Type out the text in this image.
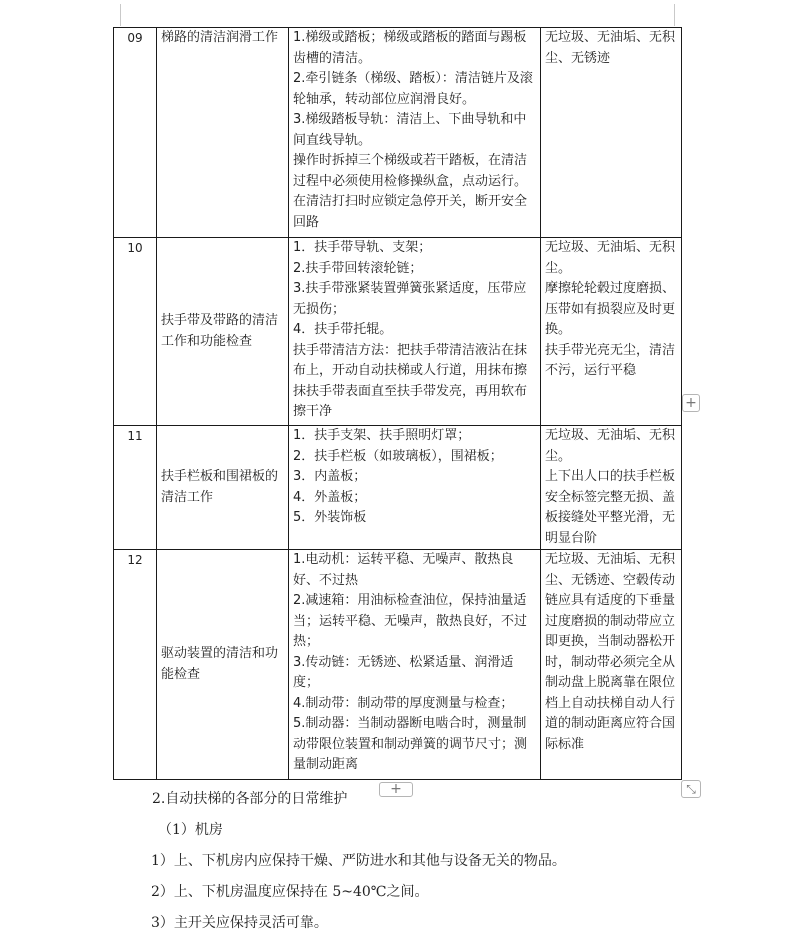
09	梯路的清洁润滑工作	1.梯级或踏板；梯级或踏板的踏面与踢板齿槽的清洁。
2.牵引链条（梯级、踏板）：清洁链片及滚轮轴承，转动部位应润滑良好。
3.梯级踏板导轨：清洁上、下曲导轨和中间直线导轨。
操作时拆掉三个梯级或若干踏板，在清洁过程中必须使用检修操纵盒，点动运行。在清洁打扫时应锁定急停开关，断开安全回路	无垃圾、无油垢、无积尘、无锈迹

10	扶手带及带路的清洁工作和功能检查	1．扶手带导轨、支架；
2.扶手带回转滚轮链；
3.扶手带涨紧装置弹簧张紧适度，压带应无损伤；
4．扶手带托辊。
扶手带清洁方法：把扶手带清洁液沾在抹布上，开动自动扶梯或人行道，用抹布擦抹扶手带表面直至扶手带发亮，再用软布擦干净	无垃圾、无油垢、无积尘。
摩擦轮轮毂过度磨损、压带如有损裂应及时更换。
扶手带光亮无尘，清洁不污，运行平稳

11	扶手栏板和围裙板的清洁工作	1．扶手支架、扶手照明灯罩；
2．扶手栏板（如玻璃板），围裙板；
3．内盖板；
4．外盖板；
5．外装饰板	无垃圾、无油垢、无积尘。
上下出人口的扶手栏板安全标签完整无损、盖板接缝处平整光滑，无明显台阶

12	驱动装置的清洁和功能检查	1.电动机：运转平稳、无噪声、散热良好、不过热
2.减速箱：用油标检查油位，保持油量适当；运转平稳、无噪声，散热良好，不过热；
3.传动链：无锈迹、松紧适量、润滑适度；
4.制动带：制动带的厚度测量与检查；
5.制动器：当制动器断电啮合时，测量制动带限位装置和制动弹簧的调节尺寸；测量制动距离	无垃圾、无油垢、无积尘、无锈迹、空毂传动链应具有适度的下垂量过度磨损的制动带应立即更换，当制动器松开时，制动带必须完全从制动盘上脱离靠在限位档上自动扶梯自动人行道的制动距离应符合国际标准
+
+	⤡
2.自动扶梯的各部分的日常维护
（1）机房
1）上、下机房内应保持干燥、严防进水和其他与设备无关的物品。
2）上、下机房温度应保持在 5~40℃之间。
3）主开关应保持灵活可靠。
